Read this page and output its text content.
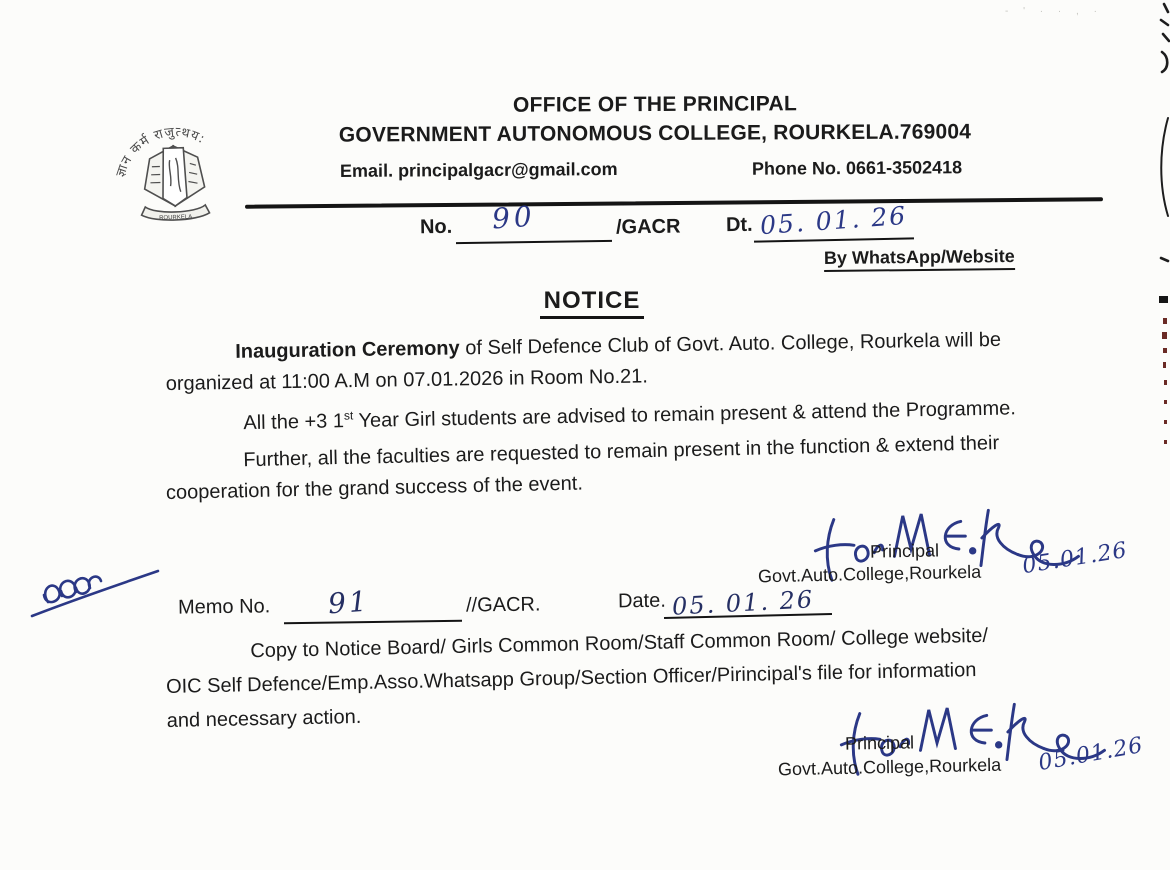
ज्ञान कर्म राजुत्थय:
ROURKELA
OFFICE OF THE PRINCIPAL
GOVERNMENT AUTONOMOUS COLLEGE, ROURKELA.769004
Email. principalgacr@gmail.com	Phone No. 0661-3502418
No. 90	/GACR Dt. 05. 01. 26
By WhatsApp/Website
NOTICE
Inauguration Ceremony of Self Defence Club of Govt. Auto. College, Rourkela will be
organized at 11:00 A.M on 07.01.2026 in Room No.21.
All the +3 1st Year Girl students are advised to remain present & attend the Programme.
Further, all the faculties are requested to remain present in the function & extend their
cooperation for the grand success of the event.
05.01.26
Principal
Govt.Auto.College,Rourkela
Memo No. 91	//GACR.	Date. 05. 01. 26
Copy to Notice Board/ Girls Common Room/Staff Common Room/ College website/
OIC Self Defence/Emp.Asso.Whatsapp Group/Section Officer/Pirincipal's file for information
and necessary action.
05.01.26
Principal
Govt.Auto.College,Rourkela
- ' · · , ·
